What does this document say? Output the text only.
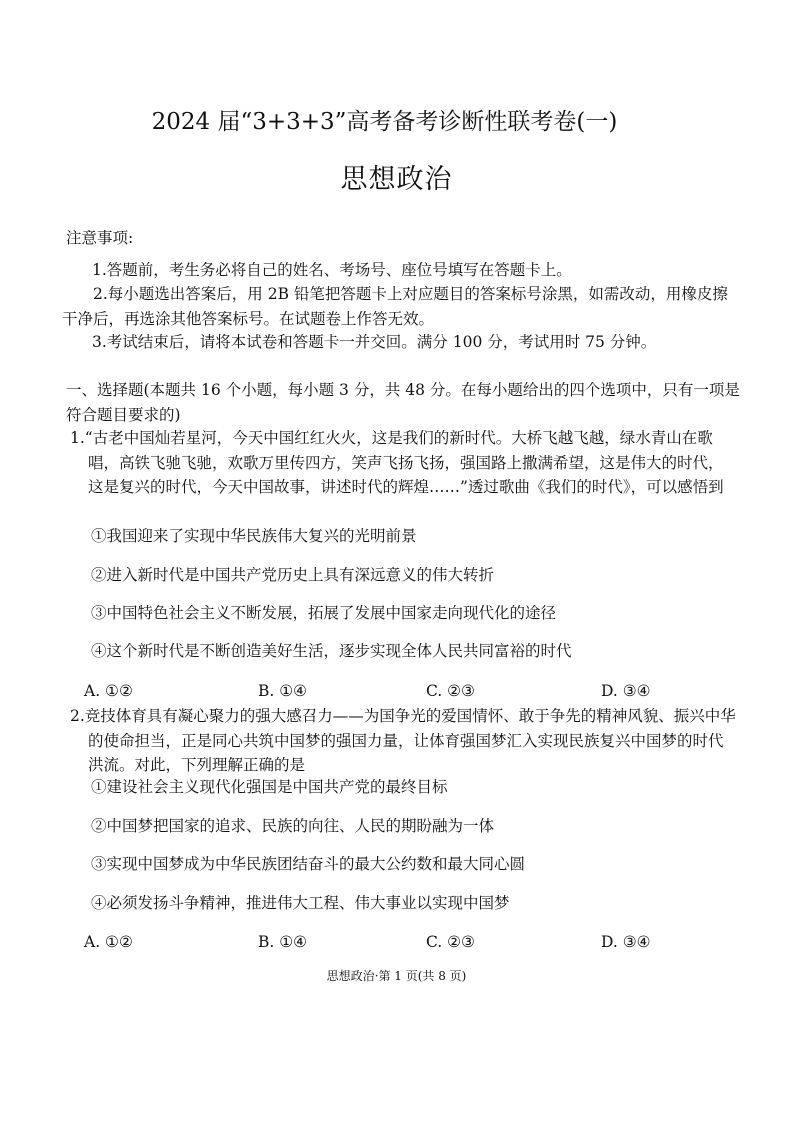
2024 届“3+3+3”高考备考诊断性联考卷(一)
思想政治
注意事项:
1.答题前，考生务必将自己的姓名、考场号、座位号填写在答题卡上。
2.每小题选出答案后，用 2B 铅笔把答题卡上对应题目的答案标号涂黑，如需改动，用橡皮擦干净后，再选涂其他答案标号。在试题卷上作答无效。
3.考试结束后，请将本试卷和答题卡一并交回。满分 100 分，考试用时 75 分钟。
一、选择题(本题共 16 个小题，每小题 3 分，共 48 分。在每小题给出的四个选项中，只有一项是符合题目要求的)
1.“古老中国灿若星河，今天中国红红火火，这是我们的新时代。大桥飞越飞越，绿水青山在歌唱，高铁飞驰飞驰，欢歌万里传四方，笑声飞扬飞扬，强国路上撒满希望，这是伟大的时代，这是复兴的时代，今天中国故事，讲述时代的辉煌……”透过歌曲《我们的时代》，可以感悟到
①我国迎来了实现中华民族伟大复兴的光明前景
②进入新时代是中国共产党历史上具有深远意义的伟大转折
③中国特色社会主义不断发展，拓展了发展中国家走向现代化的途径
④这个新时代是不断创造美好生活，逐步实现全体人民共同富裕的时代
A. ①②	B. ①④	C. ②③	D. ③④
2.竞技体育具有凝心聚力的强大感召力——为国争光的爱国情怀、敢于争先的精神风貌、振兴中华的使命担当，正是同心共筑中国梦的强国力量，让体育强国梦汇入实现民族复兴中国梦的时代洪流。对此，下列理解正确的是
①建设社会主义现代化强国是中国共产党的最终目标
②中国梦把国家的追求、民族的向往、人民的期盼融为一体
③实现中国梦成为中华民族团结奋斗的最大公约数和最大同心圆
④必须发扬斗争精神，推进伟大工程、伟大事业以实现中国梦
A. ①②	B. ①④	C. ②③	D. ③④
思想政治·第 1 页(共 8 页)
